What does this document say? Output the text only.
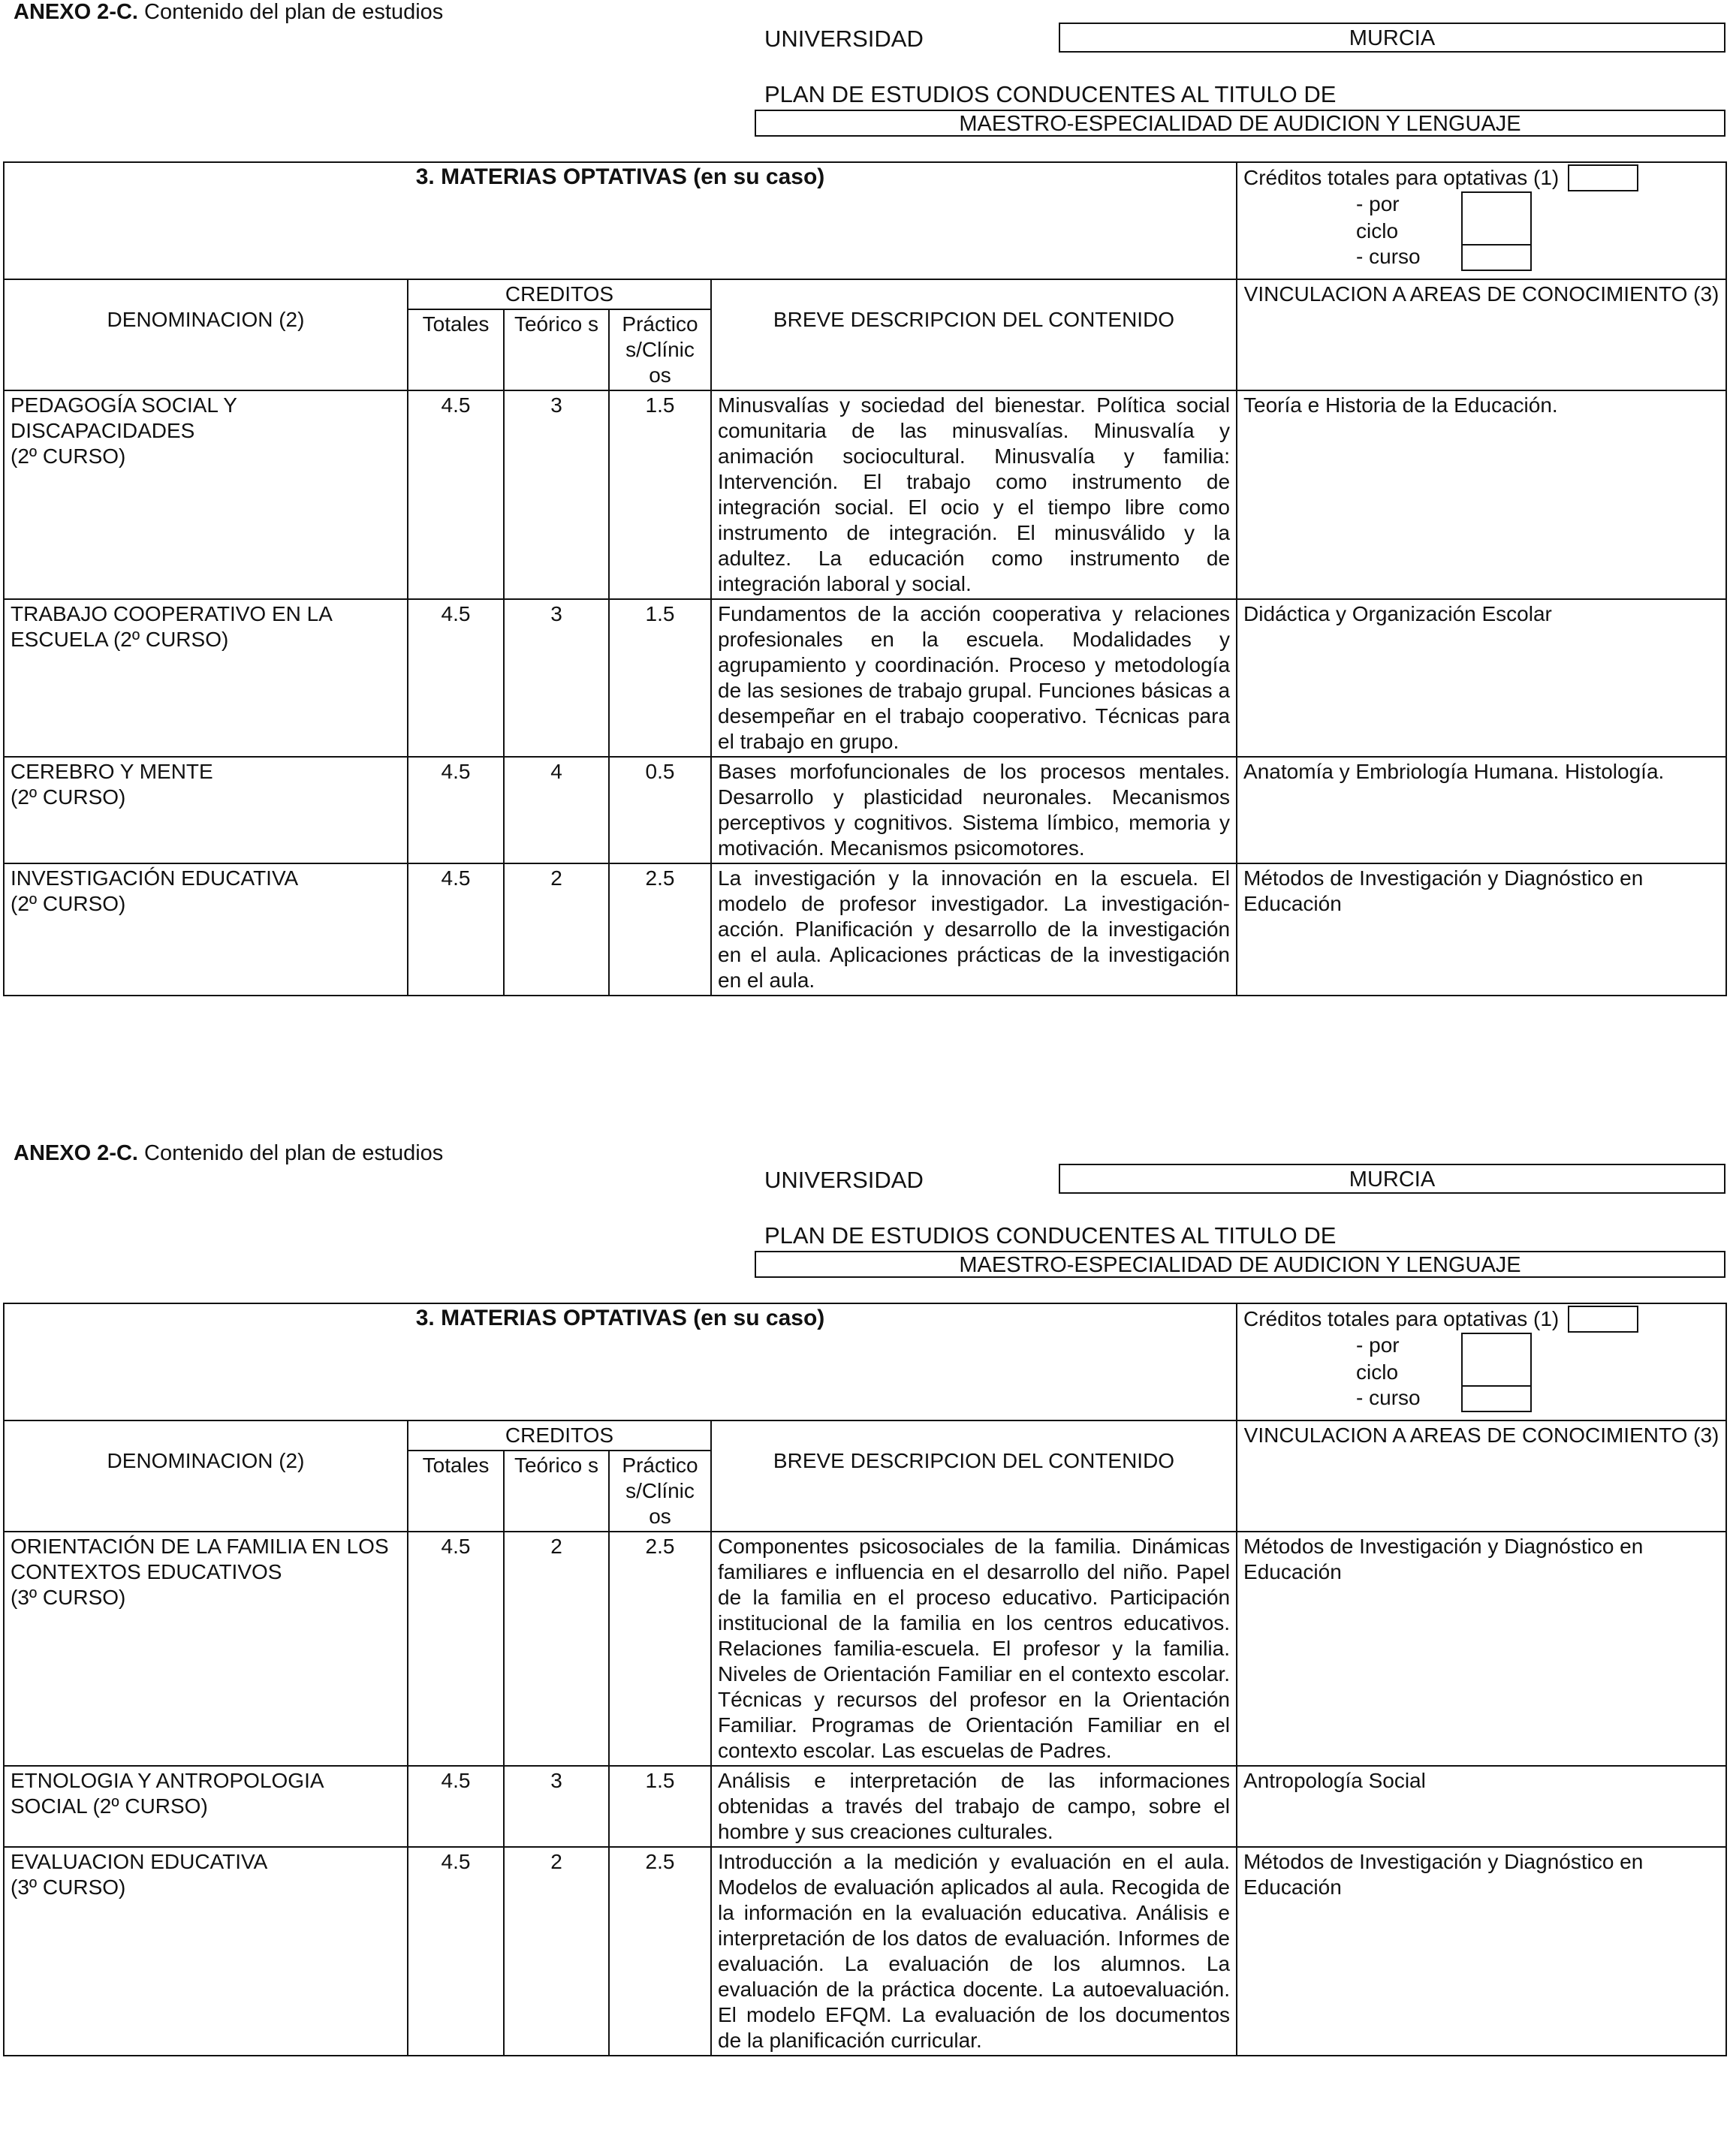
ANEXO 2-C. Contenido del plan de estudios
UNIVERSIDAD	MURCIA
PLAN DE ESTUDIOS CONDUCENTES AL TITULO DE
MAESTRO-ESPECIALIDAD DE AUDICION Y LENGUAJE
3. MATERIAS OPTATIVAS (en su caso)					Créditos totales para optativas (1)
- por
ciclo
- curso

DENOMINACION (2)	CREDITOS			BREVE DESCRIPCION DEL CONTENIDO	VINCULACION A AREAS DE CONOCIMIENTO (3)
	Totales	Teórico s	Práctico s/Clínic os		
PEDAGOGÍA SOCIAL Y DISCAPACIDADES
(2º CURSO)	4.5	3	1.5	Minusvalías y sociedad del bienestar. Política social comunitaria de las minusvalías. Minusvalía y animación sociocultural. Minusvalía y familia: Intervención. El trabajo como instrumento de integración social. El ocio y el tiempo libre como instrumento de integración. El minusválido y la adultez. La educación como instrumento de integración laboral y social.	Teoría e Historia de la Educación.
TRABAJO COOPERATIVO EN LA ESCUELA (2º CURSO)	4.5	3	1.5	Fundamentos de la acción cooperativa y relaciones profesionales en la escuela. Modalidades y agrupamiento y coordinación. Proceso y metodología de las sesiones de trabajo grupal. Funciones básicas a desempeñar en el trabajo cooperativo. Técnicas para el trabajo en grupo.	Didáctica y Organización Escolar
CEREBRO Y MENTE
(2º CURSO)	4.5	4	0.5	Bases morfofuncionales de los procesos mentales. Desarrollo y plasticidad neuronales. Mecanismos perceptivos y cognitivos. Sistema límbico, memoria y motivación. Mecanismos psicomotores.	Anatomía y Embriología Humana. Histología.
INVESTIGACIÓN EDUCATIVA
(2º CURSO)	4.5	2	2.5	La investigación y la innovación en la escuela. El modelo de profesor investigador. La investigación-acción. Planificación y desarrollo de la investigación en el aula. Aplicaciones prácticas de la investigación en el aula.	Métodos de Investigación y Diagnóstico en Educación
ANEXO 2-C. Contenido del plan de estudios
UNIVERSIDAD	MURCIA
PLAN DE ESTUDIOS CONDUCENTES AL TITULO DE
MAESTRO-ESPECIALIDAD DE AUDICION Y LENGUAJE
3. MATERIAS OPTATIVAS (en su caso)					Créditos totales para optativas (1)
- por
ciclo
- curso

DENOMINACION (2)	CREDITOS			BREVE DESCRIPCION DEL CONTENIDO	VINCULACION A AREAS DE CONOCIMIENTO (3)
	Totales	Teórico s	Práctico s/Clínic os		
ORIENTACIÓN DE LA FAMILIA EN LOS CONTEXTOS EDUCATIVOS
(3º CURSO)	4.5	2	2.5	Componentes psicosociales de la familia. Dinámicas familiares e influencia en el desarrollo del niño. Papel de la familia en el proceso educativo. Participación institucional de la familia en los centros educativos. Relaciones familia-escuela. El profesor y la familia. Niveles de Orientación Familiar en el contexto escolar. Técnicas y recursos del profesor en la Orientación Familiar. Programas de Orientación Familiar en el contexto escolar. Las escuelas de Padres.	Métodos de Investigación y Diagnóstico en Educación
ETNOLOGIA Y ANTROPOLOGIA SOCIAL (2º CURSO)	4.5	3	1.5	Análisis e interpretación de las informaciones obtenidas a través del trabajo de campo, sobre el hombre y sus creaciones culturales.	Antropología Social
EVALUACION EDUCATIVA
(3º CURSO)	4.5	2	2.5	Introducción a la medición y evaluación en el aula. Modelos de evaluación aplicados al aula. Recogida de la información en la evaluación educativa. Análisis e interpretación de los datos de evaluación. Informes de evaluación. La evaluación de los alumnos. La evaluación de la práctica docente. La autoevaluación. El modelo EFQM. La evaluación de los documentos de la planificación curricular.	Métodos de Investigación y Diagnóstico en Educación
